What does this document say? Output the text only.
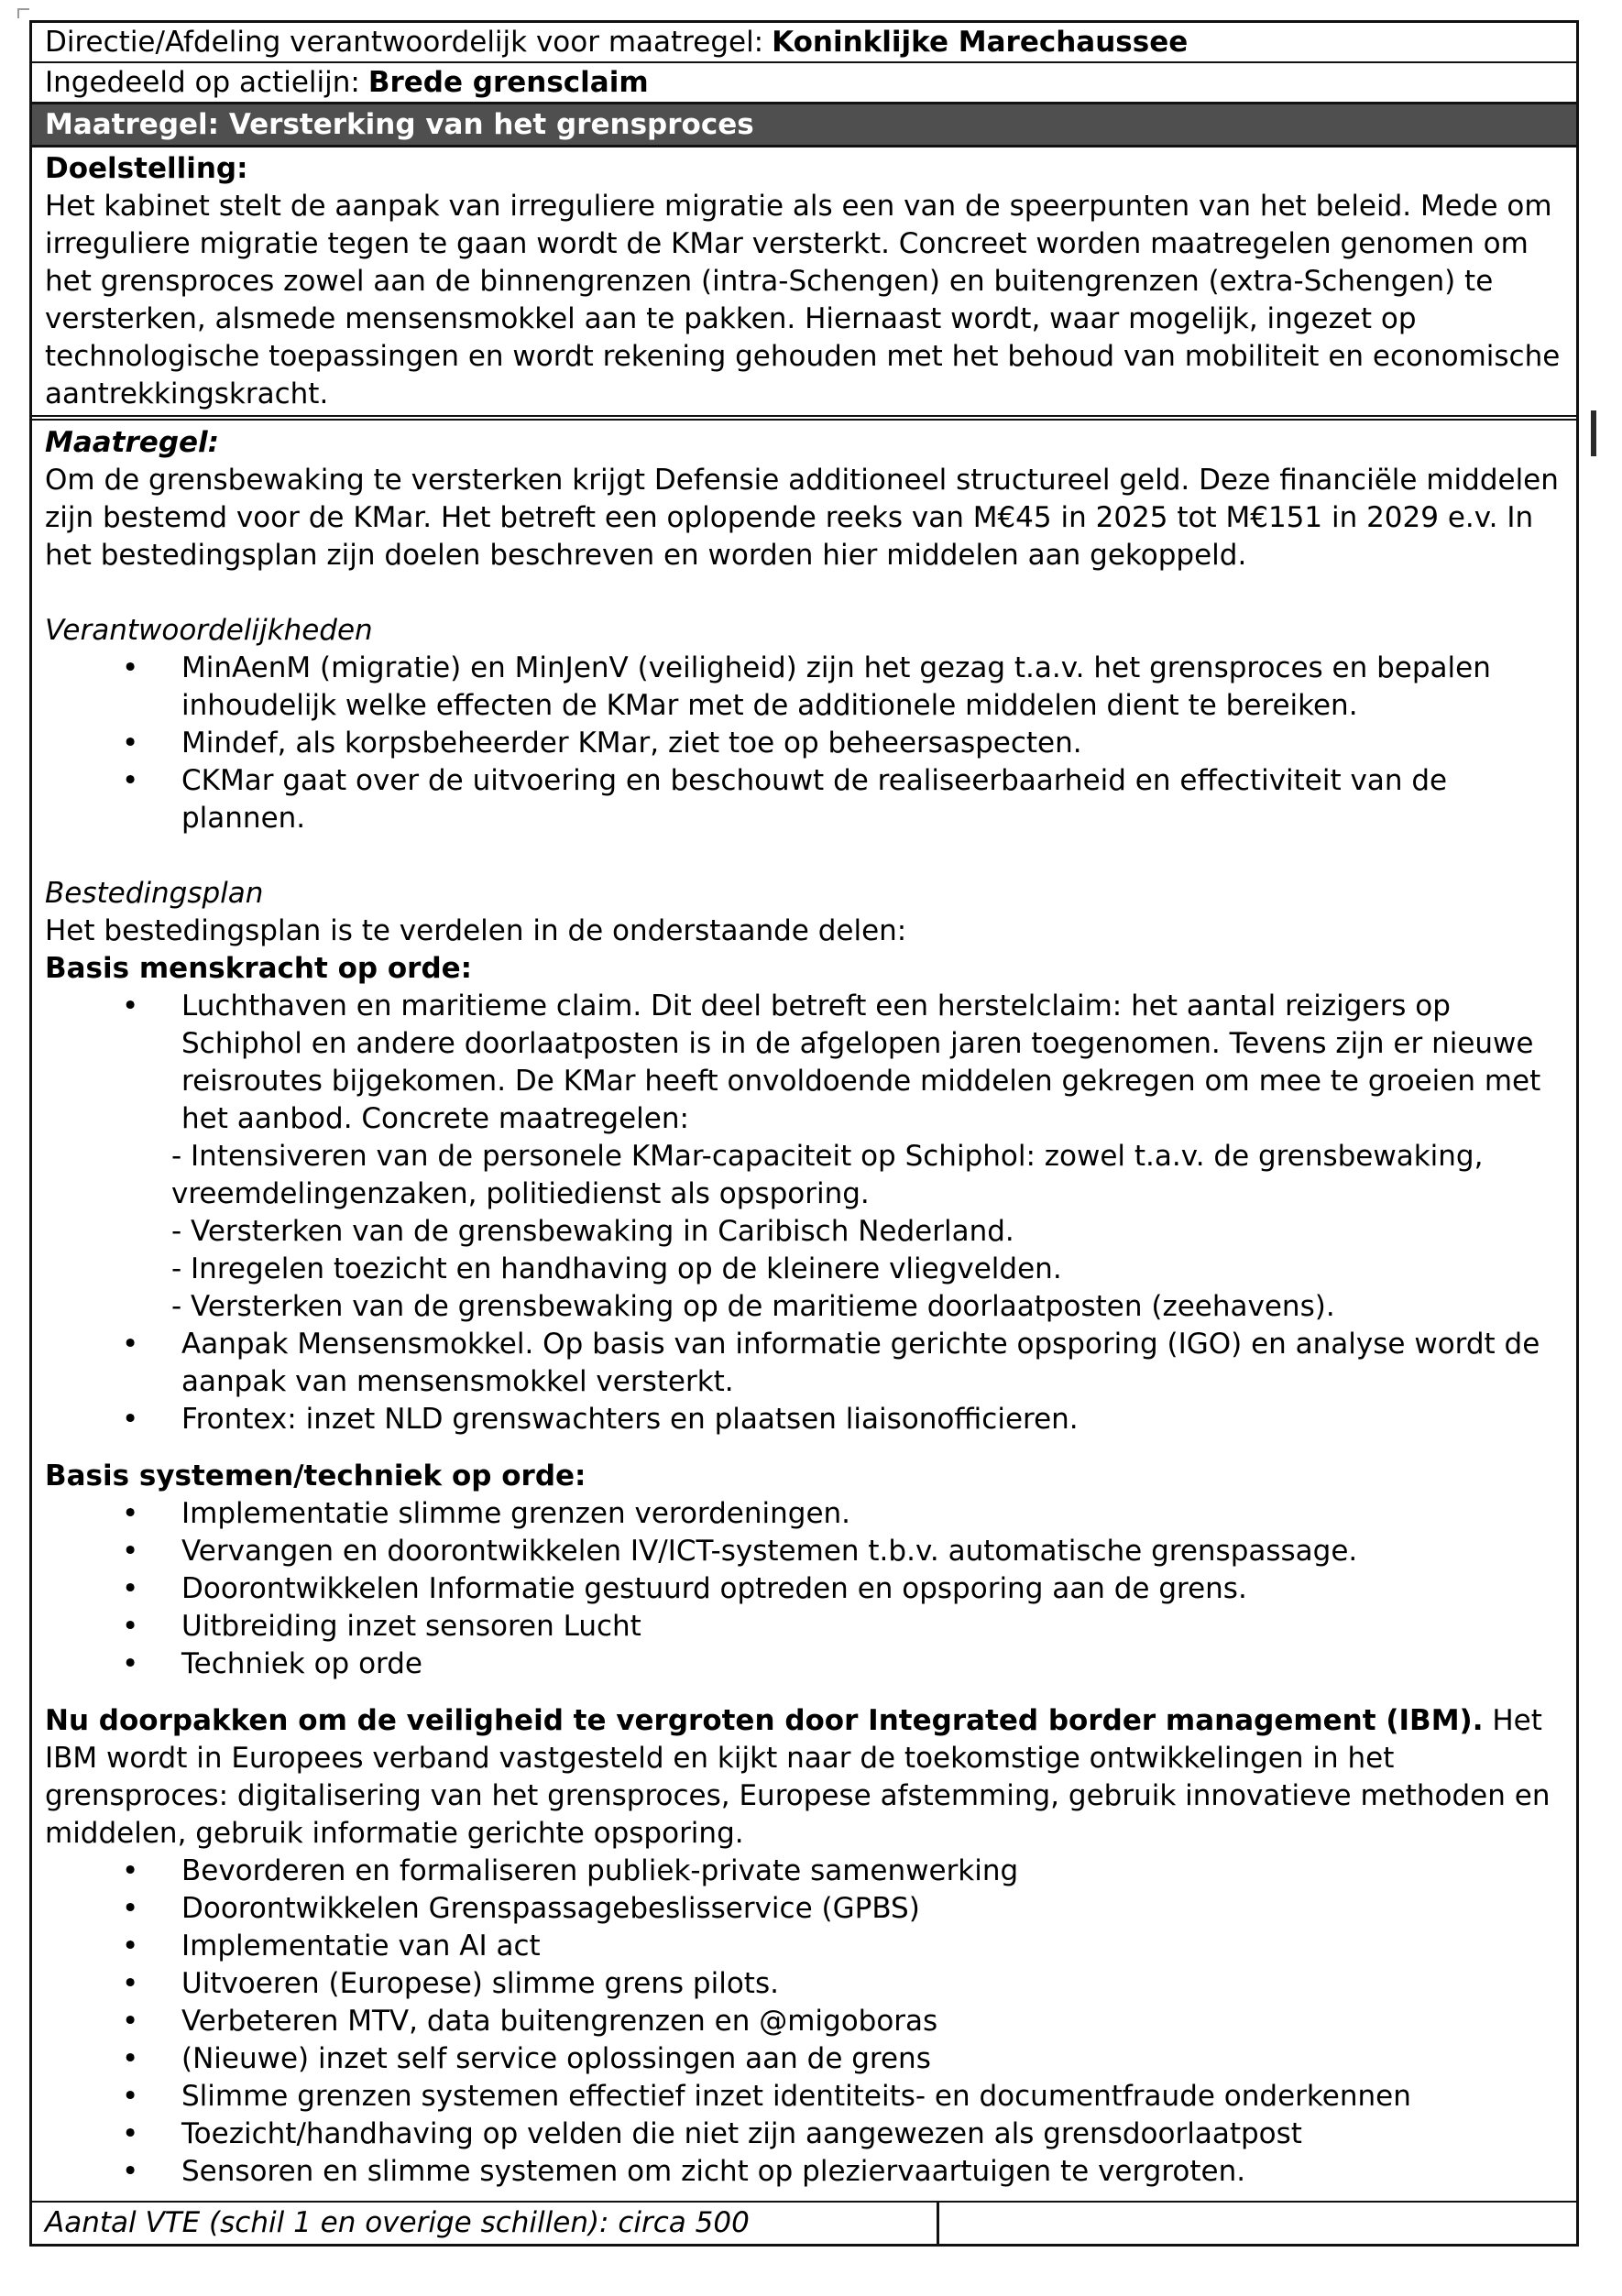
Directie/Afdeling verantwoordelijk voor maatregel: Koninklijke Marechaussee
Ingedeeld op actielijn: Brede grensclaim
Maatregel: Versterking van het grensproces
Doelstelling:
Het kabinet stelt de aanpak van irreguliere migratie als een van de speerpunten van het beleid. Mede om irreguliere migratie tegen te gaan wordt de KMar versterkt. Concreet worden maatregelen genomen om het grensproces zowel aan de binnengrenzen (intra-Schengen) en buitengrenzen (extra-Schengen) te versterken, alsmede mensensmokkel aan te pakken. Hiernaast wordt, waar mogelijk, ingezet op technologische toepassingen en wordt rekening gehouden met het behoud van mobiliteit en economische aantrekkingskracht.
Maatregel:
Om de grensbewaking te versterken krijgt Defensie additioneel structureel geld. Deze financiële middelen zijn bestemd voor de KMar. Het betreft een oplopende reeks van M€45 in 2025 tot M€151 in 2029 e.v. In het bestedingsplan zijn doelen beschreven en worden hier middelen aan gekoppeld.
Verantwoordelijkheden
• MinAenM (migratie) en MinJenV (veiligheid) zijn het gezag t.a.v. het grensproces en bepalen inhoudelijk welke effecten de KMar met de additionele middelen dient te bereiken.
• Mindef, als korpsbeheerder KMar, ziet toe op beheersaspecten.
• CKMar gaat over de uitvoering en beschouwt de realiseerbaarheid en effectiviteit van de plannen.
Bestedingsplan
Het bestedingsplan is te verdelen in de onderstaande delen:
Basis menskracht op orde:
• Luchthaven en maritieme claim. Dit deel betreft een herstelclaim: het aantal reizigers op Schiphol en andere doorlaatposten is in de afgelopen jaren toegenomen. Tevens zijn er nieuwe reisroutes bijgekomen. De KMar heeft onvoldoende middelen gekregen om mee te groeien met het aanbod. Concrete maatregelen:
- Intensiveren van de personele KMar-capaciteit op Schiphol: zowel t.a.v. de grensbewaking, vreemdelingenzaken, politiedienst als opsporing.
- Versterken van de grensbewaking in Caribisch Nederland.
- Inregelen toezicht en handhaving op de kleinere vliegvelden.
- Versterken van de grensbewaking op de maritieme doorlaatposten (zeehavens).
• Aanpak Mensensmokkel. Op basis van informatie gerichte opsporing (IGO) en analyse wordt de aanpak van mensensmokkel versterkt.
• Frontex: inzet NLD grenswachters en plaatsen liaisonofficieren.
Basis systemen/techniek op orde:
• Implementatie slimme grenzen verordeningen.
• Vervangen en doorontwikkelen IV/ICT-systemen t.b.v. automatische grenspassage.
• Doorontwikkelen Informatie gestuurd optreden en opsporing aan de grens.
• Uitbreiding inzet sensoren Lucht
• Techniek op orde
Nu doorpakken om de veiligheid te vergroten door Integrated border management (IBM). Het IBM wordt in Europees verband vastgesteld en kijkt naar de toekomstige ontwikkelingen in het grensproces: digitalisering van het grensproces, Europese afstemming, gebruik innovatieve methoden en middelen, gebruik informatie gerichte opsporing.
• Bevorderen en formaliseren publiek-private samenwerking
• Doorontwikkelen Grenspassagebeslisservice (GPBS)
• Implementatie van AI act
• Uitvoeren (Europese) slimme grens pilots.
• Verbeteren MTV, data buitengrenzen en @migoboras
• (Nieuwe) inzet self service oplossingen aan de grens
• Slimme grenzen systemen effectief inzet identiteits- en documentfraude onderkennen
• Toezicht/handhaving op velden die niet zijn aangewezen als grensdoorlaatpost
• Sensoren en slimme systemen om zicht op pleziervaartuigen te vergroten.
Aantal VTE (schil 1 en overige schillen): circa 500
